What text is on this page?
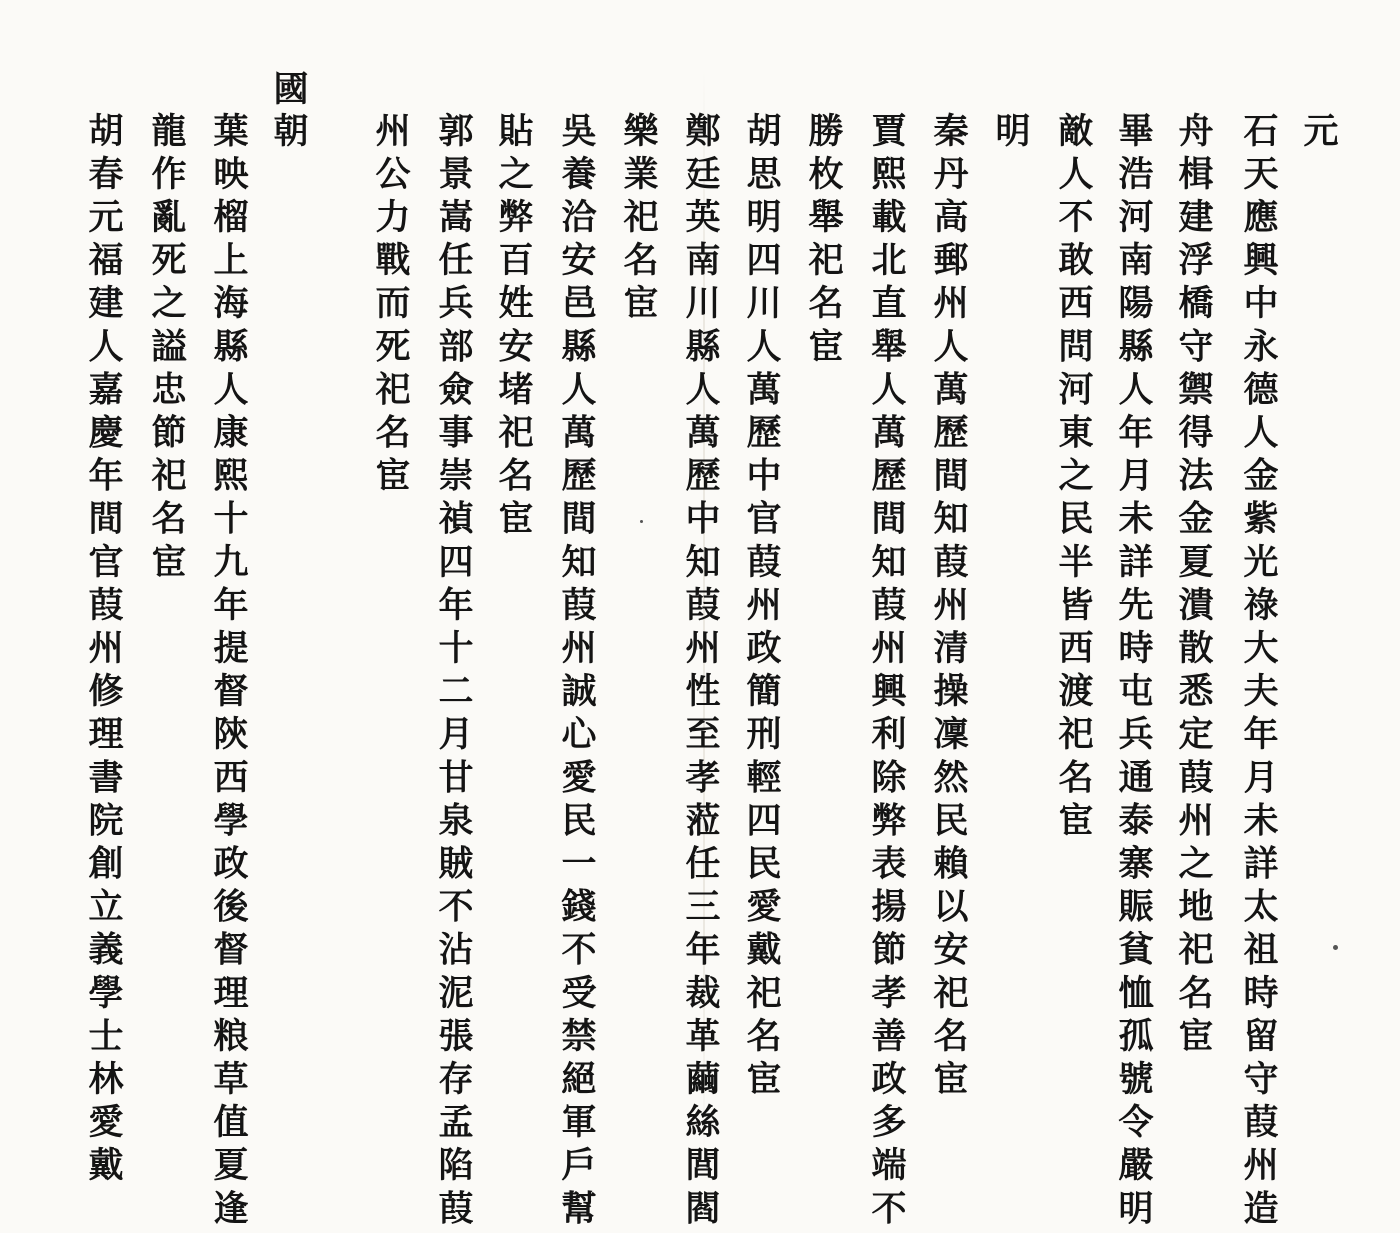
元
石天應興中永德人金紫光祿大夫年月未詳太祖時留守葭州造
舟楫建浮橋守禦得法金夏潰散悉定葭州之地祀名宦
畢浩河南陽縣人年月未詳先時屯兵通泰寨賑貧恤孤號令嚴明
敵人不敢西問河東之民半皆西渡祀名宦
明
秦丹高郵州人萬歷間知葭州清操凜然民賴以安祀名宦
賈熙載北直舉人萬歷間知葭州興利除弊表揚節孝善政多端不
勝枚舉祀名宦
胡思明四川人萬歷中官葭州政簡刑輕四民愛戴祀名宦
鄭廷英南川縣人萬歷中知葭州性至孝蒞任三年裁革繭絲閭閻
樂業祀名宦
吳養洽安邑縣人萬歷間知葭州誠心愛民一錢不受禁絕軍戶幫
貼之弊百姓安堵祀名宦
郭景嵩任兵部僉事崇禎四年十二月甘泉賊不沾泥張存孟陷葭
州公力戰而死祀名宦
國
朝
葉映榴上海縣人康熙十九年提督陝西學政後督理粮草值夏逢
龍作亂死之謚忠節祀名宦
胡春元福建人嘉慶年間官葭州修理書院創立義學士林愛戴
